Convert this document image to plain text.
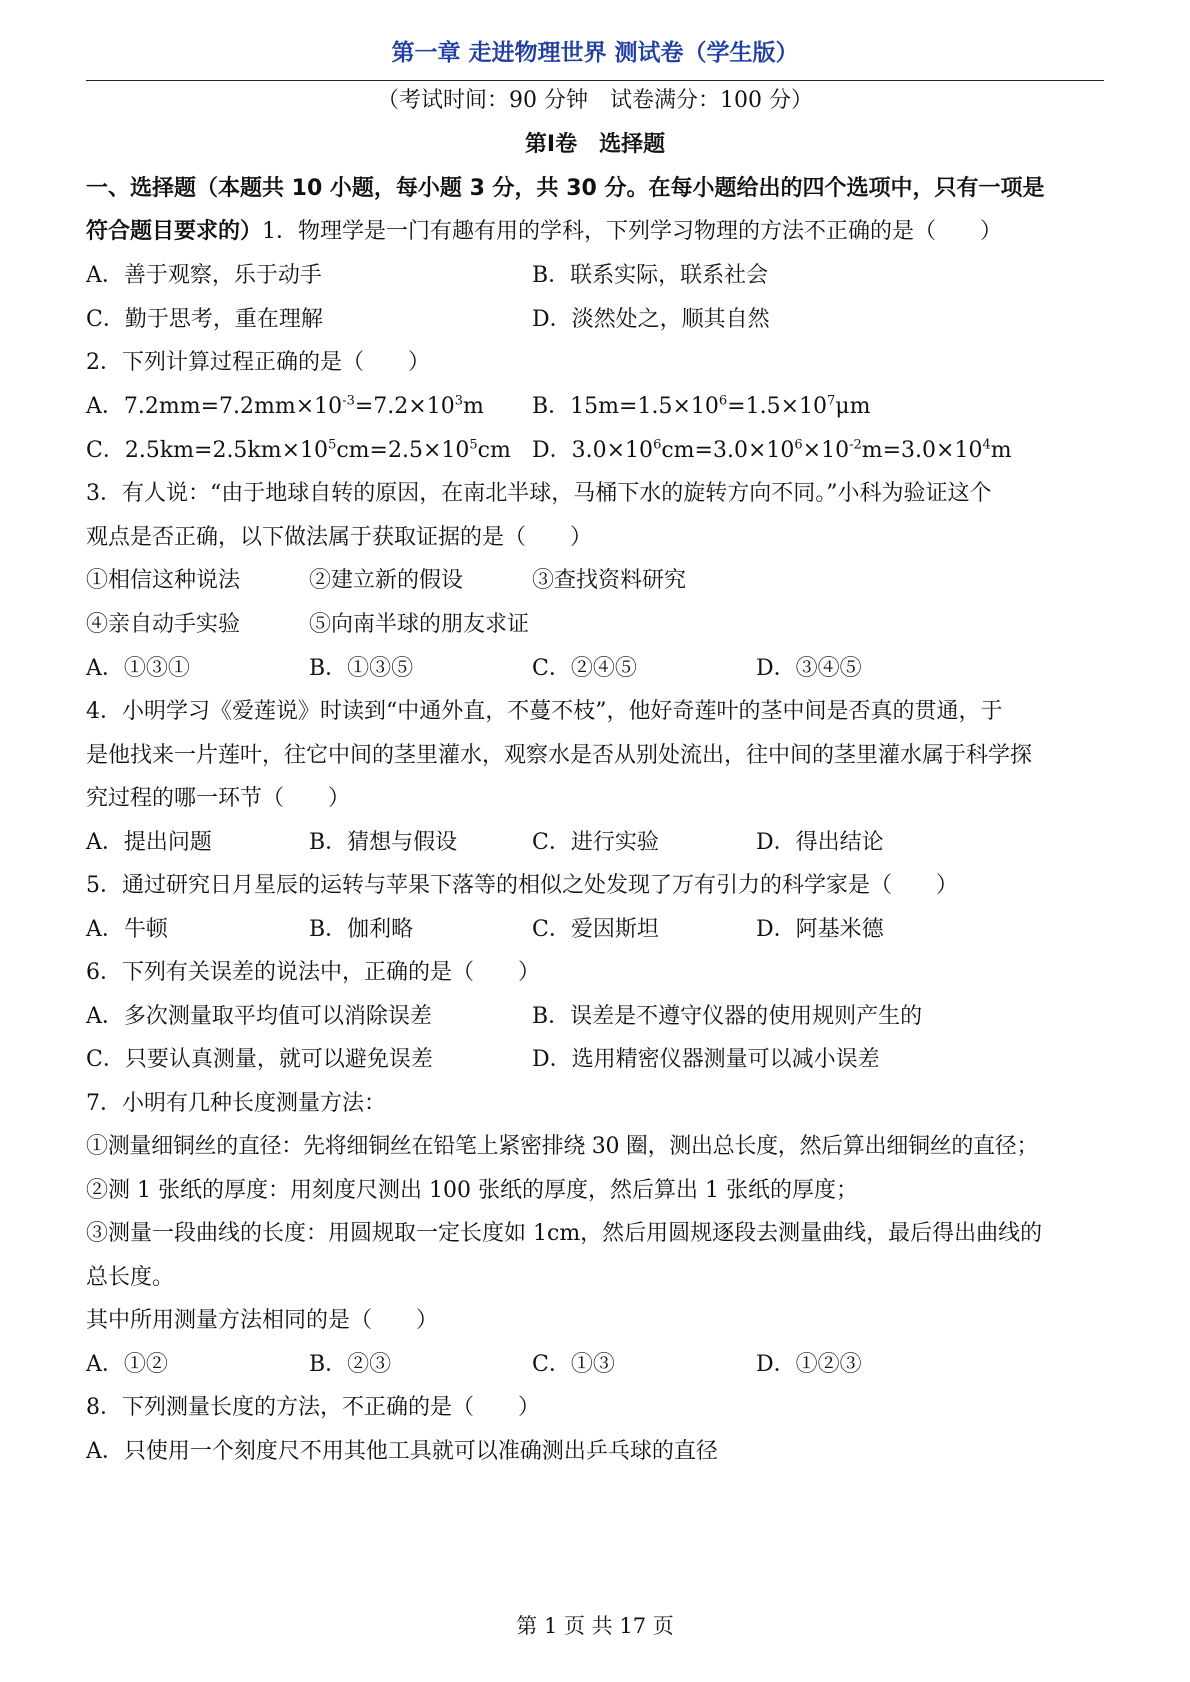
第一章 走进物理世界 测试卷（学生版）
（考试时间：90 分钟　试卷满分：100 分）
第Ⅰ卷　选择题
一、选择题（本题共 10 小题，每小题 3 分，共 30 分。在每小题给出的四个选项中，只有一项是
符合题目要求的）1．物理学是一门有趣有用的学科，下列学习物理的方法不正确的是（　　）
A．善于观察，乐于动手	B．联系实际，联系社会
C．勤于思考，重在理解	D．淡然处之，顺其自然
2．下列计算过程正确的是（　　）
A．$7.2mm=7.2mm\times 10^{-3}=7.2\times 10^3m$ B．$15m=1.5\times 10^6=1.5\times 10^7\mu m$
C．$2.5km=2.5km\times 10^5cm=2.5\times 10^5cm$ D．$3.0\times 10^6cm=3.0\times 10^6\times 10^{-2}m=3.0\times 10^4m$
3．有人说：“由于地球自转的原因，在南北半球，马桶下水的旋转方向不同。”小科为验证这个
观点是否正确，以下做法属于获取证据的是（　　）
①相信这种说法	②建立新的假设	③查找资料研究
④亲自动手实验	⑤向南半球的朋友求证
A．①③①	B．①③⑤	C．②④⑤	D．③④⑤
4．小明学习《爱莲说》时读到“中通外直，不蔓不枝”，他好奇莲叶的茎中间是否真的贯通，于
是他找来一片莲叶，往它中间的茎里灌水，观察水是否从别处流出，往中间的茎里灌水属于科学探
究过程的哪一环节（　　）
A．提出问题	B．猜想与假设	C．进行实验	D．得出结论
5．通过研究日月星辰的运转与苹果下落等的相似之处发现了万有引力的科学家是（　　）
A．牛顿	B．伽利略	C．爱因斯坦	D．阿基米德
6．下列有关误差的说法中，正确的是（　　）
A．多次测量取平均值可以消除误差	B．误差是不遵守仪器的使用规则产生的
C．只要认真测量，就可以避免误差	D．选用精密仪器测量可以减小误差
7．小明有几种长度测量方法：
①测量细铜丝的直径：先将细铜丝在铅笔上紧密排绕 30 圈，测出总长度，然后算出细铜丝的直径；
②测 1 张纸的厚度：用刻度尺测出 100 张纸的厚度，然后算出 1 张纸的厚度；
③测量一段曲线的长度：用圆规取一定长度如 1cm，然后用圆规逐段去测量曲线，最后得出曲线的
总长度。
其中所用测量方法相同的是（　　）
A．①②	B．②③	C．①③	D．①②③
8．下列测量长度的方法，不正确的是（　　）
A．只使用一个刻度尺不用其他工具就可以准确测出乒乓球的直径
第 1 页 共 17 页
